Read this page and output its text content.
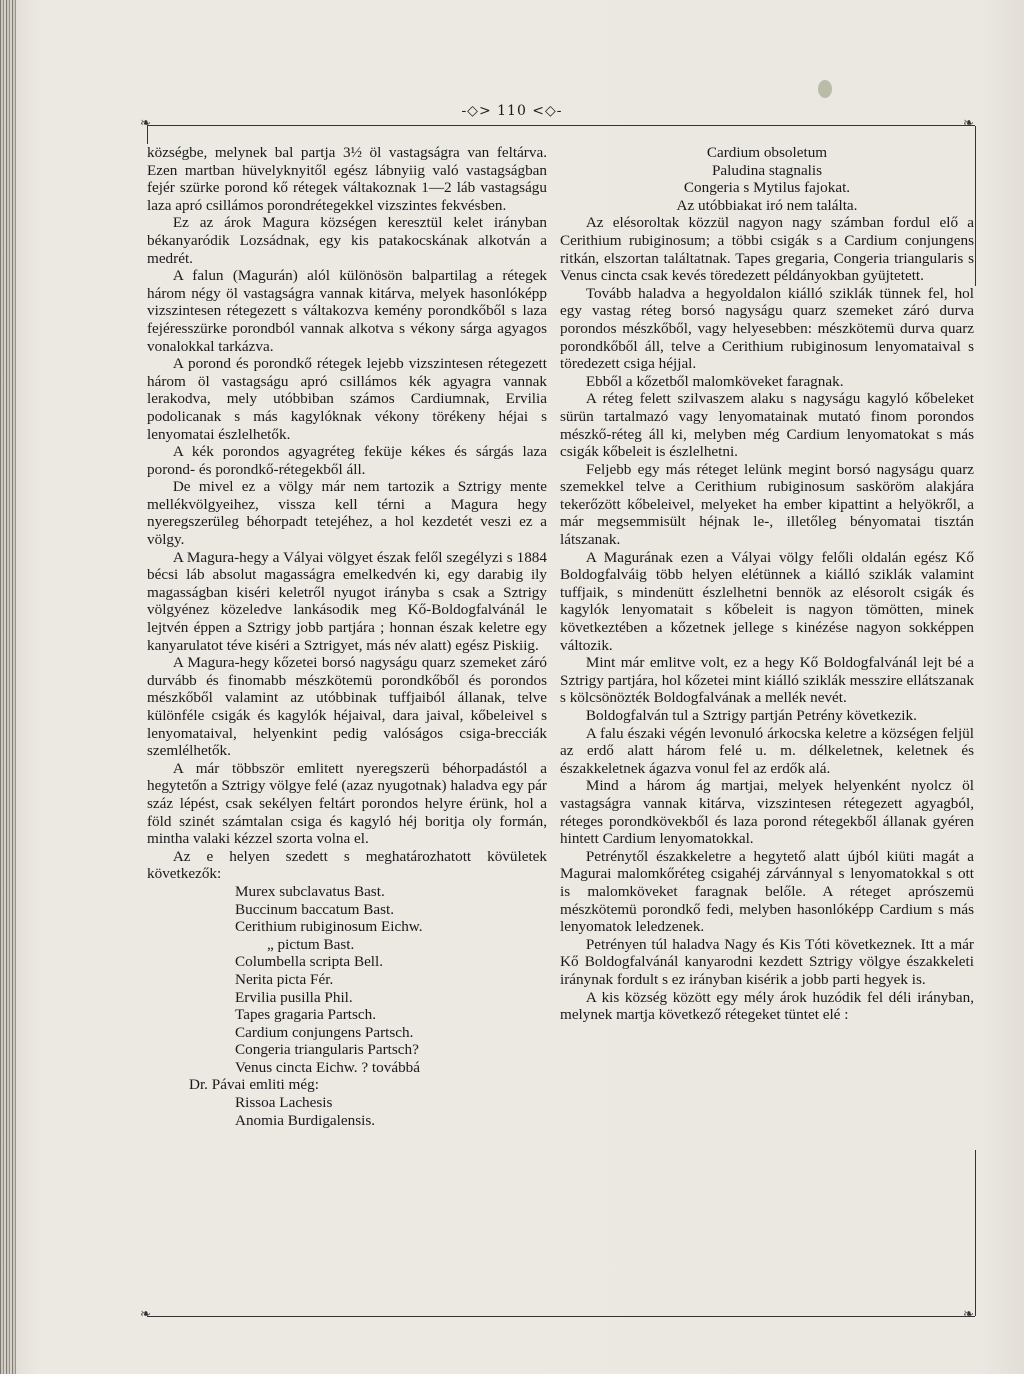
-◇> 110 <◇-
❧	❧

községbe, melynek bal partja 3½ öl vastagságra van feltárva. Ezen martban hüvelyknyitől egész lábnyiig való vastagságban fejér szürke porond kő rétegek váltakoznak 1—2 láb vastagságu laza apró csillámos porondrétegekkel vizszintes fekvésben.

Ez az árok Magura községen keresztül kelet irányban békanyaródik Lozsádnak, egy kis patakocskának alkotván a medrét.

A falun (Magurán) alól különösön balpartilag a rétegek három négy öl vastagságra vannak kitárva, melyek hasonlóképp vizszintesen rétegezett s váltakozva kemény porondkőből s laza fejéresszürke porondból vannak alkotva s vékony sárga agyagos vonalokkal tarkázva.

A porond és porondkő rétegek lejebb vizszintesen rétegezett három öl vastagságu apró csillámos kék agyagra vannak lerakodva, mely utóbbiban számos Cardiumnak, Ervilia podolicanak s más kagylóknak vékony törékeny héjai s lenyomatai észlelhetők.

A kék porondos agyagréteg feküje kékes és sárgás laza porond- és porondkő-rétegekből áll.

De mivel ez a völgy már nem tartozik a Sztrigy mente mellékvölgyeihez, vissza kell térni a Magura hegy nyeregszerüleg béhorpadt tetejéhez, a hol kezdetét veszi ez a völgy.

A Magura-hegy a Vályai völgyet észak felől szegélyzi s 1884 bécsi láb absolut magasságra emelkedvén ki, egy darabig ily magasságban kiséri keletről nyugot irányba s csak a Sztrigy völgyénez közeledve lankásodik meg Kő-Boldogfalvánál le lejtvén éppen a Sztrigy jobb partjára ; honnan észak keletre egy kanyarulatot téve kiséri a Sztrigyet, más név alatt) egész Piskiig.

A Magura-hegy kőzetei borsó nagyságu quarz szemeket záró durvább és finomabb mészkötemü porondkőből és porondos mészkőből valamint az utóbbinak tuffjaiból állanak, telve különféle csigák és kagylók héjaival, dara jaival, kőbeleivel s lenyomataival, helyenkint pedig valóságos csiga-brecciák szemlélhetők.

A már többször emlitett nyeregszerü béhorpadástól a hegytetőn a Sztrigy völgye felé (azaz nyugotnak) haladva egy pár száz lépést, csak sekélyen feltárt porondos helyre érünk, hol a föld szinét számtalan csiga és kagyló héj boritja oly formán, mintha valaki kézzel szorta volna el.

Az e helyen szedett s meghatározhatott kövületek következők:

Murex subclavatus Bast.

Buccinum baccatum Bast.

Cerithium rubiginosum Eichw.

„ pictum Bast.

Columbella scripta Bell.

Nerita picta Fér.

Ervilia pusilla Phil.

Tapes gragaria Partsch.

Cardium conjungens Partsch.

Congeria triangularis Partsch?

Venus cincta Eichw. ? továbbá

Dr. Pávai emliti még:

Rissoa Lachesis

Anomia Burdigalensis.

Cardium obsoletum

Paludina stagnalis

Congeria s Mytilus fajokat.

Az utóbbiakat iró nem találta.

Az elésoroltak közzül nagyon nagy számban fordul elő a Cerithium rubiginosum; a többi csigák s a Cardium conjungens ritkán, elszortan találtatnak. Tapes gregaria, Congeria triangularis s Venus cincta csak kevés töredezett példányokban gyüjtetett.

Tovább haladva a hegyoldalon kiálló sziklák tünnek fel, hol egy vastag réteg borsó nagyságu quarz szemeket záró durva porondos mészkőből, vagy helyesebben: mészkötemü durva quarz porondkőből áll, telve a Cerithium rubiginosum lenyomataival s töredezett csiga héjjal.

Ebből a kőzetből malomköveket faragnak.

A réteg felett szilvaszem alaku s nagyságu kagyló kőbeleket sürün tartalmazó vagy lenyomatainak mutató finom porondos mészkő-réteg áll ki, melyben még Cardium lenyomatokat s más csigák kőbeleit is észlelhetni.

Feljebb egy más réteget lelünk megint borsó nagyságu quarz szemekkel telve a Cerithium rubiginosum sasköröm alakjára tekerőzött kőbeleivel, melyeket ha ember kipattint a helyökről, a már megsemmisült héjnak le-, illetőleg bényomatai tisztán látszanak.

A Magurának ezen a Vályai völgy felőli oldalán egész Kő Boldogfalváig több helyen elétünnek a kiálló sziklák valamint tuffjaik, s mindenütt észlelhetni bennök az elésorolt csigák és kagylók lenyomatait s kőbeleit is nagyon tömötten, minek következtében a kőzetnek jellege s kinézése nagyon sokképpen változik.

Mint már emlitve volt, ez a hegy Kő Boldogfalvánál lejt bé a Sztrigy partjára, hol kőzetei mint kiálló sziklák messzire ellátszanak s kölcsönözték Boldogfalvának a mellék nevét.

Boldogfalván tul a Sztrigy partján Petrény következik.

A falu északi végén levonuló árkocska keletre a községen feljül az erdő alatt három felé u. m. délkeletnek, keletnek és északkeletnek ágazva vonul fel az erdők alá.

Mind a három ág martjai, melyek helyenként nyolcz öl vastagságra vannak kitárva, vizszintesen rétegezett agyagból, réteges porondkövekből és laza porond rétegekből állanak gyéren hintett Cardium lenyomatokkal.

Petrénytől északkeletre a hegytető alatt újból kiüti magát a Magurai malomkőréteg csigahéj zárvánnyal s lenyomatokkal s ott is malomköveket faragnak belőle. A réteget aprószemü mészkötemü porondkő fedi, melyben hasonlóképp Cardium s más lenyomatok leledzenek.

Petrényen túl haladva Nagy és Kis Tóti következnek. Itt a már Kő Boldogfalvánál kanyarodni kezdett Sztrigy völgye északkeleti iránynak fordult s ez irányban kisérik a jobb parti hegyek is.

A kis község között egy mély árok huzódik fel déli irányban, melynek martja következő rétegeket tüntet elé :

❧	❧
